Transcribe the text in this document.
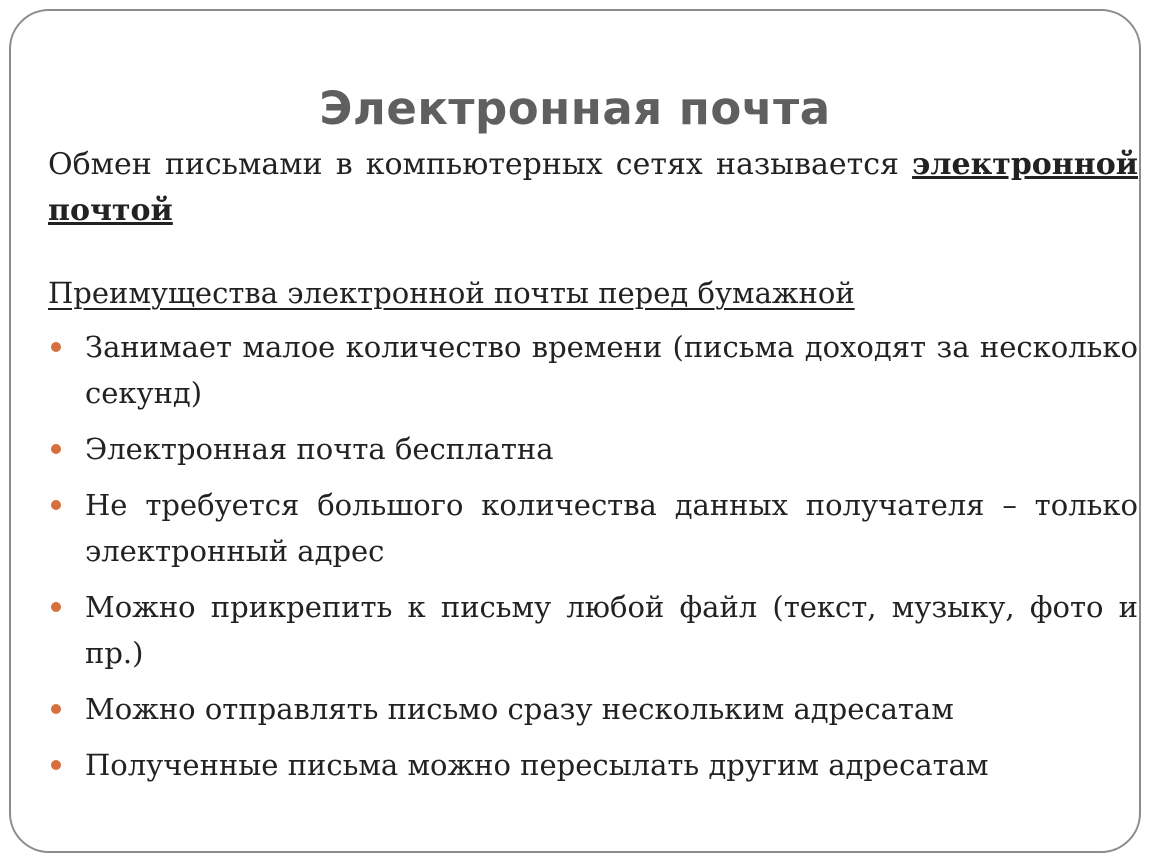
Электронная почта

Обмен письмами в компьютерных сетях называется электронной почтой

Преимущества электронной почты перед бумажной
Занимает малое количество времени (письма доходят за несколько секунд)
Электронная почта бесплатна
Не требуется большого количества данных получателя – только электронный адрес
Можно прикрепить к письму любой файл (текст, музыку, фото и пр.)
Можно отправлять письмо сразу нескольким адресатам
Полученные письма можно пересылать другим адресатам
